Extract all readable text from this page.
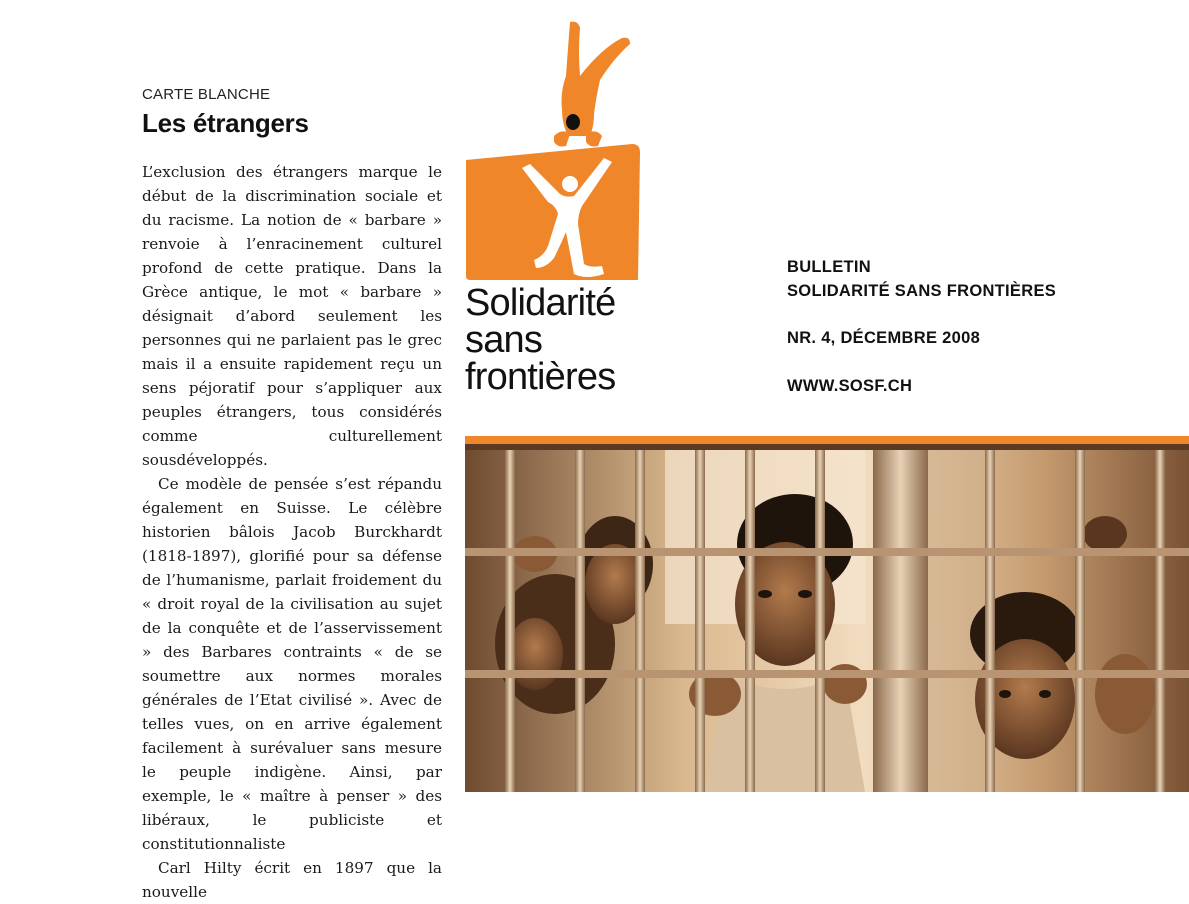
CARTE BLANCHE
Les étrangers

L’exclusion des étrangers marque le début de la discrimination sociale et du racisme. La notion de « barbare » renvoie à l’enracinement culturel profond de cette pratique. Dans la Grèce antique, le mot « barbare » désignait d’abord seulement les personnes qui ne parlaient pas le grec mais il a ensuite rapidement reçu un sens péjoratif pour s’appliquer aux peuples étrangers, tous considérés comme culturellement sousdéveloppés.

Ce modèle de pensée s’est répandu également en Suisse. Le célèbre historien bâlois Jacob Burckhardt (1818-1897), glorifié pour sa défense de l’humanisme, parlait froidement du « droit royal de la civilisation au sujet de la conquête et de l’asservissement » des Barbares contraints « de se soumettre aux normes morales générales de l’Etat civilisé ». Avec de telles vues, on en arrive également facilement à surévaluer sans mesure le peuple indigène. Ainsi, par exemple, le « maître à penser » des libéraux, le publiciste et constitutionnaliste

Carl Hilty écrit en 1897 que la nouvelle

Solidarité
sans
frontières
BULLETIN
SOLIDARITÉ SANS FRONTIÈRES
NR. 4, DÉCEMBRE 2008
WWW.SOSF.CH
